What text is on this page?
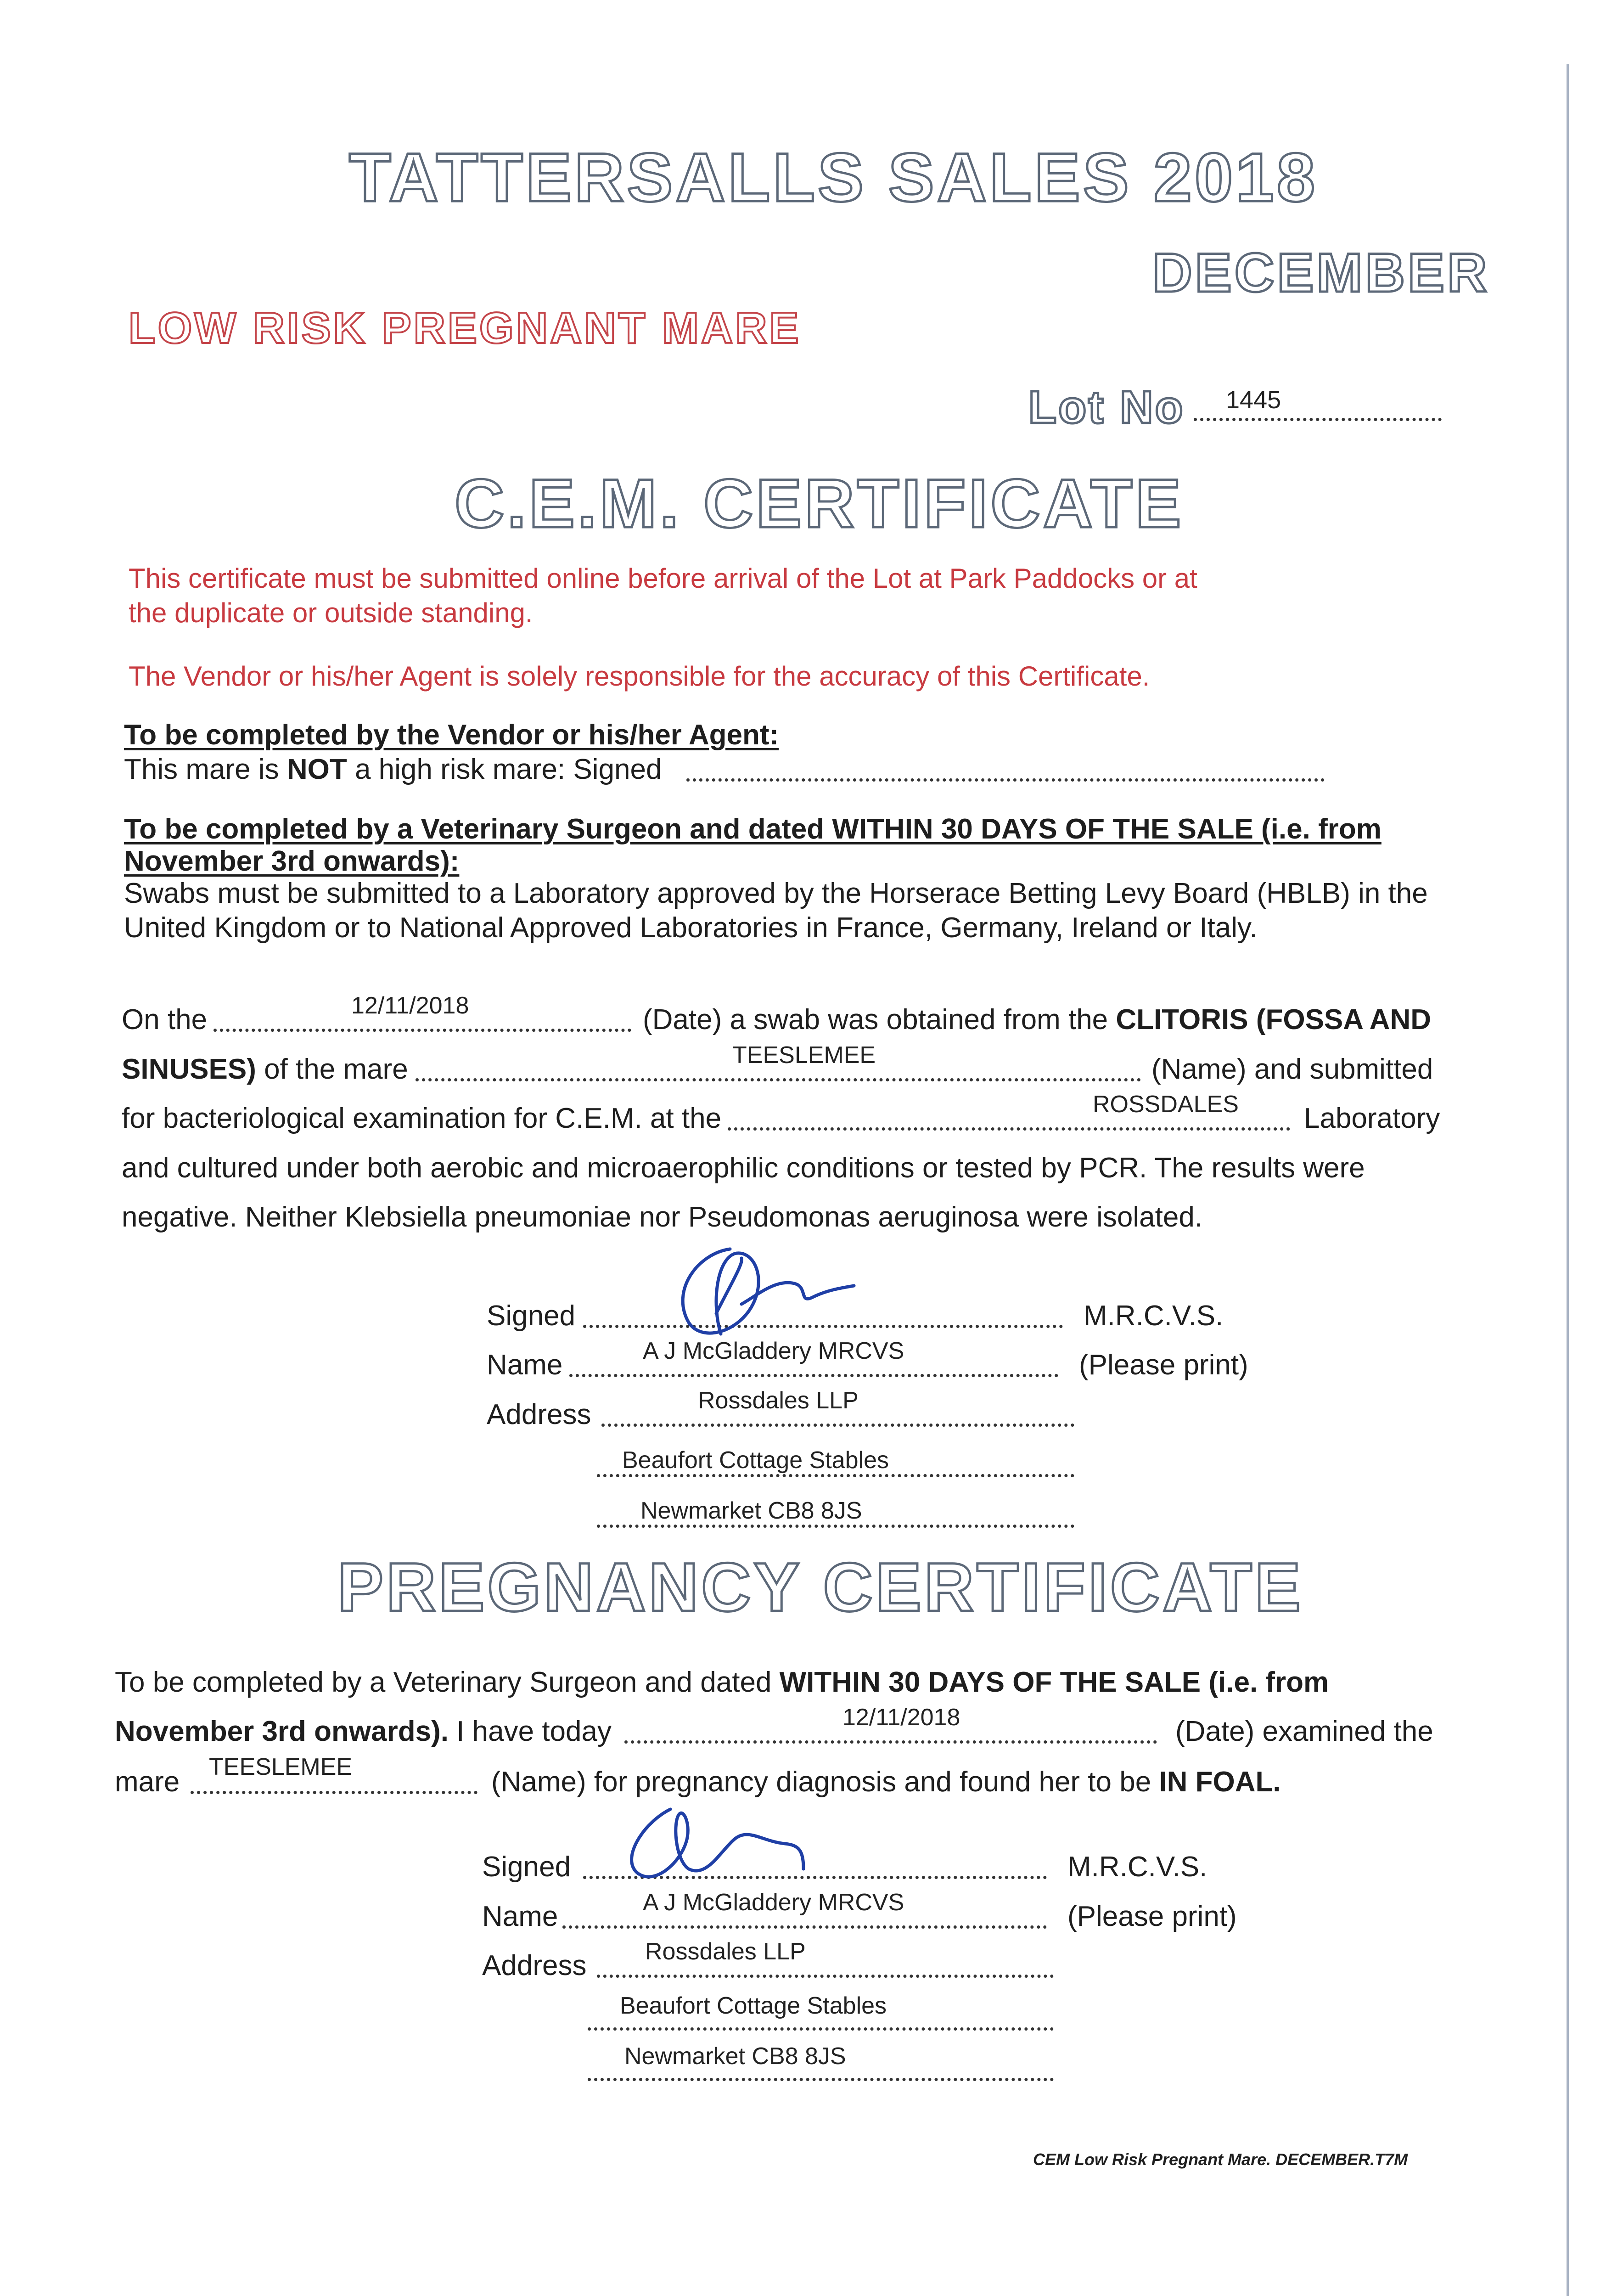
TATTERSALLS SALES 2018
DECEMBER
LOW RISK PREGNANT MARE
Lot No 1445
C.E.M. CERTIFICATE
This certificate must be submitted online before arrival of the Lot at Park Paddocks or at
the duplicate or outside standing.
The Vendor or his/her Agent is solely responsible for the accuracy of this Certificate.
To be completed by the Vendor or his/her Agent:
This mare is NOT a high risk mare: Signed
To be completed by a Veterinary Surgeon and dated WITHIN 30 DAYS OF THE SALE (i.e. from
November 3rd onwards):
Swabs must be submitted to a Laboratory approved by the Horserace Betting Levy Board (HBLB) in the
United Kingdom or to National Approved Laboratories in France, Germany, Ireland or Italy.
On the	12/11/2018	(Date) a swab was obtained from the CLITORIS (FOSSA AND
SINUSES) of the mare	TEESLEMEE	(Name) and submitted
for bacteriological examination for C.E.M. at the	ROSSDALES Laboratory
and cultured under both aerobic and microaerophilic conditions or tested by PCR. The results were
negative. Neither Klebsiella pneumoniae nor Pseudomonas aeruginosa were isolated.
Signed	M.R.C.V.S.
Name	A J McGladdery MRCVS	(Please print)
Address	Rossdales LLP
Beaufort Cottage Stables
Newmarket CB8 8JS
PREGNANCY CERTIFICATE
To be completed by a Veterinary Surgeon and dated WITHIN 30 DAYS OF THE SALE (i.e. from
November 3rd onwards). I have today	12/11/2018	(Date) examined the
mare TEESLEMEE	(Name) for pregnancy diagnosis and found her to be IN FOAL.
Signed	M.R.C.V.S.
Name	A J McGladdery MRCVS	(Please print)
Address Rossdales LLP
Beaufort Cottage Stables
Newmarket CB8 8JS
CEM Low Risk Pregnant Mare. DECEMBER.T7M
